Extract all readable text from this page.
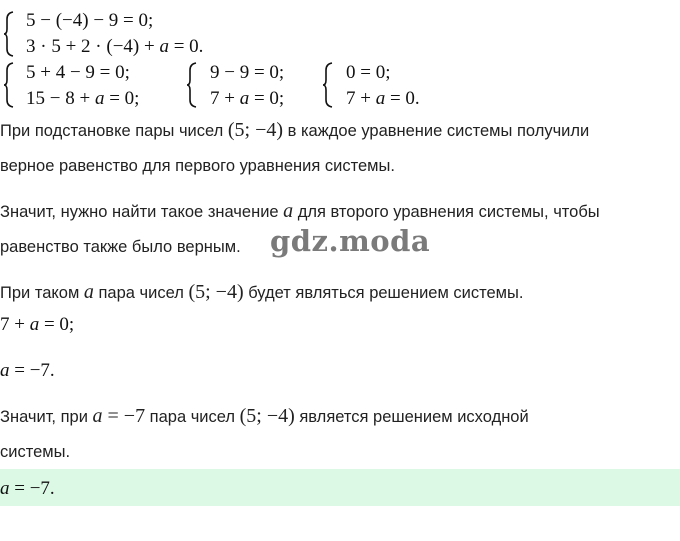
5 − (−4) − 9 = 0;
3 · 5 + 2 · (−4) + a = 0.
5 + 4 − 9 = 0;
15 − 8 + a = 0;
9 − 9 = 0;
7 + a = 0;
0 = 0;
7 + a = 0.
При подстановке пары чисел (5; −4) в каждое уравнение системы получили
верное равенство для первого уравнения системы.
Значит, нужно найти такое значение a для второго уравнения системы, чтобы
равенство также было верным. gdz.moda
При таком a пара чисел (5; −4) будет являться решением системы.
7 + a = 0;
a = −7.
Значит, при a = −7 пара чисел (5; −4) является решением исходной
системы.
a = −7.
